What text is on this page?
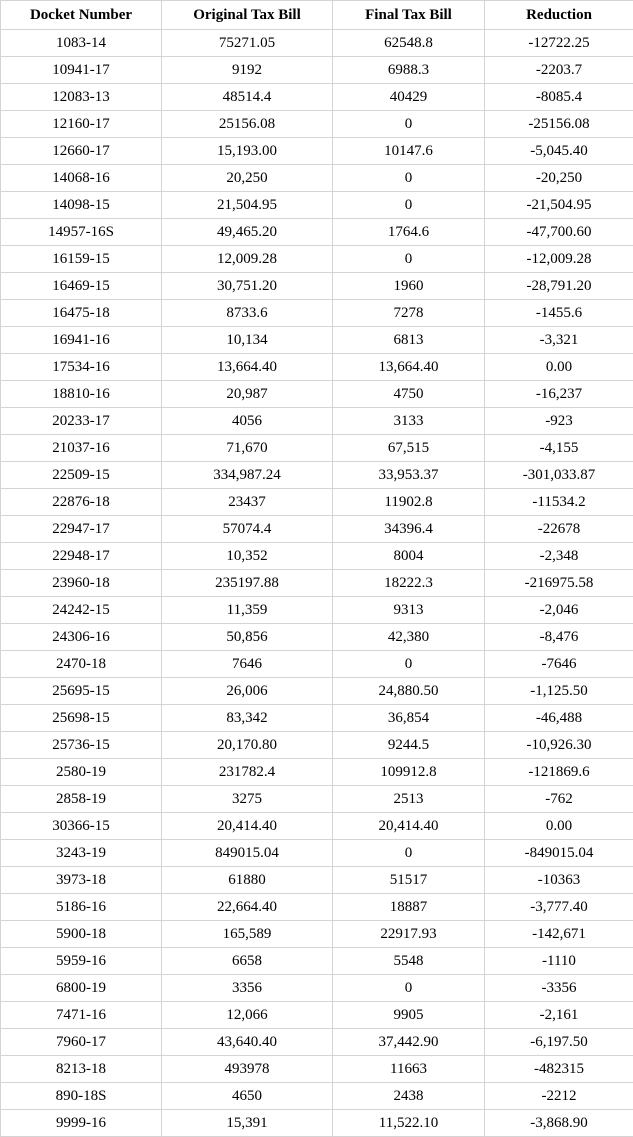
Docket Number	Original Tax Bill	Final Tax Bill	Reduction
1083-14	75271.05	62548.8	-12722.25
10941-17	9192	6988.3	-2203.7
12083-13	48514.4	40429	-8085.4
12160-17	25156.08	0	-25156.08
12660-17	15,193.00	10147.6	-5,045.40
14068-16	20,250	0	-20,250
14098-15	21,504.95	0	-21,504.95
14957-16S	49,465.20	1764.6	-47,700.60
16159-15	12,009.28	0	-12,009.28
16469-15	30,751.20	1960	-28,791.20
16475-18	8733.6	7278	-1455.6
16941-16	10,134	6813	-3,321
17534-16	13,664.40	13,664.40	0.00
18810-16	20,987	4750	-16,237
20233-17	4056	3133	-923
21037-16	71,670	67,515	-4,155
22509-15	334,987.24	33,953.37	-301,033.87
22876-18	23437	11902.8	-11534.2
22947-17	57074.4	34396.4	-22678
22948-17	10,352	8004	-2,348
23960-18	235197.88	18222.3	-216975.58
24242-15	11,359	9313	-2,046
24306-16	50,856	42,380	-8,476
2470-18	7646	0	-7646
25695-15	26,006	24,880.50	-1,125.50
25698-15	83,342	36,854	-46,488
25736-15	20,170.80	9244.5	-10,926.30
2580-19	231782.4	109912.8	-121869.6
2858-19	3275	2513	-762
30366-15	20,414.40	20,414.40	0.00
3243-19	849015.04	0	-849015.04
3973-18	61880	51517	-10363
5186-16	22,664.40	18887	-3,777.40
5900-18	165,589	22917.93	-142,671
5959-16	6658	5548	-1110
6800-19	3356	0	-3356
7471-16	12,066	9905	-2,161
7960-17	43,640.40	37,442.90	-6,197.50
8213-18	493978	11663	-482315
890-18S	4650	2438	-2212
9999-16	15,391	11,522.10	-3,868.90
